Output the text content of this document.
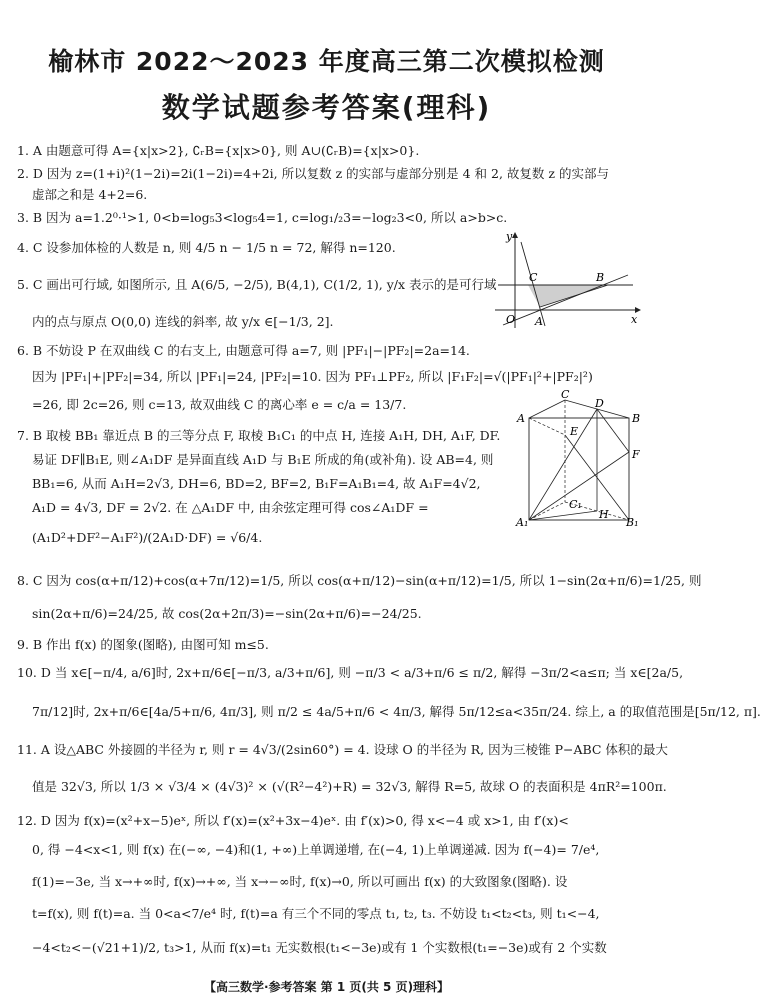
榆林市 2022～2023 年度高三第二次模拟检测
数学试题参考答案(理科)
1. A 由题意可得 A={x|x>2}, ∁ᵣB={x|x>0}, 则 A∪(∁ᵣB)={x|x>0}.
2. D 因为 z=(1+i)²(1−2i)=2i(1−2i)=4+2i, 所以复数 z 的实部与虚部分别是 4 和 2, 故复数 z 的实部与
虚部之和是 4+2=6.
3. B 因为 a=1.2⁰·¹>1, 0<b=log₅3<log₅4=1, c=log₁/₂3=−log₂3<0, 所以 a>b>c.
4. C 设参加体检的人数是 n, 则 4/5 n − 1/5 n = 72, 解得 n=120.
5. C 画出可行域, 如图所示, 且 A(6/5, −2/5), B(4,1), C(1/2, 1), y/x 表示的是可行域
内的点与原点 O(0,0) 连线的斜率, 故 y/x ∈[−1/3, 2].
6. B 不妨设 P 在双曲线 C 的右支上, 由题意可得 a=7, 则 |PF₁|−|PF₂|=2a=14.
因为 |PF₁|+|PF₂|=34, 所以 |PF₁|=24, |PF₂|=10. 因为 PF₁⊥PF₂, 所以 |F₁F₂|=√(|PF₁|²+|PF₂|²)
=26, 即 2c=26, 则 c=13, 故双曲线 C 的离心率 e = c/a = 13/7.
7. B 取棱 BB₁ 靠近点 B 的三等分点 F, 取棱 B₁C₁ 的中点 H, 连接 A₁H, DH, A₁F, DF.
易证 DF∥B₁E, 则∠A₁DF 是异面直线 A₁D 与 B₁E 所成的角(或补角). 设 AB=4, 则
BB₁=6, 从而 A₁H=2√3, DH=6, BD=2, BF=2, B₁F=A₁B₁=4, 故 A₁F=4√2,
A₁D = 4√3, DF = 2√2. 在 △A₁DF 中, 由余弦定理可得 cos∠A₁DF =
(A₁D²+DF²−A₁F²)/(2A₁D·DF) = √6/4.
8. C 因为 cos(α+π/12)+cos(α+7π/12)=1/5, 所以 cos(α+π/12)−sin(α+π/12)=1/5, 所以 1−sin(2α+π/6)=1/25, 则
sin(2α+π/6)=24/25, 故 cos(2α+2π/3)=−sin(2α+π/6)=−24/25.
9. B 作出 f(x) 的图象(图略), 由图可知 m≤5.
10. D 当 x∈[−π/4, a/6]时, 2x+π/6∈[−π/3, a/3+π/6], 则 −π/3 < a/3+π/6 ≤ π/2, 解得 −3π/2<a≤π; 当 x∈[2a/5,
7π/12]时, 2x+π/6∈[4a/5+π/6, 4π/3], 则 π/2 ≤ 4a/5+π/6 < 4π/3, 解得 5π/12≤a<35π/24. 综上, a 的取值范围是[5π/12, π].
11. A 设△ABC 外接圆的半径为 r, 则 r = 4√3/(2sin60°) = 4. 设球 O 的半径为 R, 因为三棱锥 P−ABC 体积的最大
值是 32√3, 所以 1/3 × √3/4 × (4√3)² × (√(R²−4²)+R) = 32√3, 解得 R=5, 故球 O 的表面积是 4πR²=100π.
12. D 因为 f(x)=(x²+x−5)eˣ, 所以 f′(x)=(x²+3x−4)eˣ. 由 f′(x)>0, 得 x<−4 或 x>1, 由 f′(x)<
0, 得 −4<x<1, 则 f(x) 在(−∞, −4)和(1, +∞)上单调递增, 在(−4, 1)上单调递减. 因为 f(−4)= 7/e⁴,
f(1)=−3e, 当 x→+∞时, f(x)→+∞, 当 x→−∞时, f(x)→0, 所以可画出 f(x) 的大致图象(图略). 设
t=f(x), 则 f(t)=a. 当 0<a<7/e⁴ 时, f(t)=a 有三个不同的零点 t₁, t₂, t₃. 不妨设 t₁<t₂<t₃, 则 t₁<−4,
−4<t₂<−(√21+1)/2, t₃>1, 从而 f(x)=t₁ 无实数根(t₁<−3e)或有 1 个实数根(t₁=−3e)或有 2 个实数
y
C	B
O A	x
C
D
A	B
E
F
C₁
H
A₁	B₁
【高三数学·参考答案 第 1 页(共 5 页)理科】
